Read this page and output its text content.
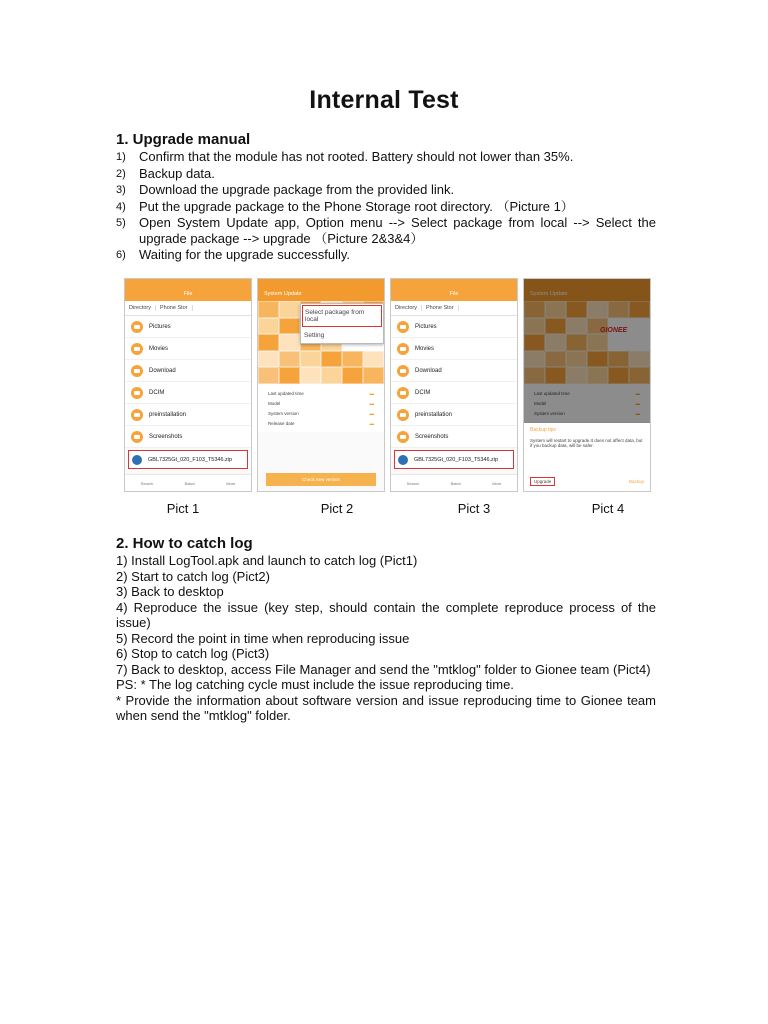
Internal Test
1. Upgrade manual
1)	Confirm that the module has not rooted. Battery should not lower than 35%.
2)	Backup data.
3)	Download the upgrade package from the provided link.
4)	Put the upgrade package to the Phone Storage root directory. （Picture 1）
5)	Open System Update app, Option menu --> Select package from local --> Select the upgrade package --> upgrade （Picture 2&3&4）
6)	Waiting for the upgrade successfully.
File
Directory	Phone Stor
Pictures
Movies
Download
DCIM
preinstallation
Screenshots
GBL7325Gt_020_F103_T5346.zip
Search	Batch	More
System Update
Select package from local
Setting
Last updated time	▬
Model	▬
System version	▬
Release date	▬
Check new version
File
Directory	Phone Stor
Pictures
Movies
Download
DCIM
preinstallation
Screenshots
GBL7325Gt_020_F103_T5346.zip
Search	Batch	More
System Update
GIONEE
Last updated time	▬
Model	▬
System version	▬
Backup tips
System will restart to upgrade.It does not affect data, but if you backup data, will be safer.
Upgrade	Backup
Pict 1	Pict 2	Pict 3	Pict 4
2. How to catch log
1) Install LogTool.apk and launch to catch log (Pict1)
2) Start to catch log (Pict2)
3) Back to desktop
4) Reproduce the issue (key step, should contain the complete reproduce process of the issue)
5) Record the point in time when reproducing issue
6) Stop to catch log (Pict3)
7) Back to desktop, access File Manager and send the "mtklog" folder to Gionee team (Pict4)
PS: * The log catching cycle must include the issue reproducing time.
* Provide the information about software version and issue reproducing time to Gionee team when send the "mtklog" folder.
